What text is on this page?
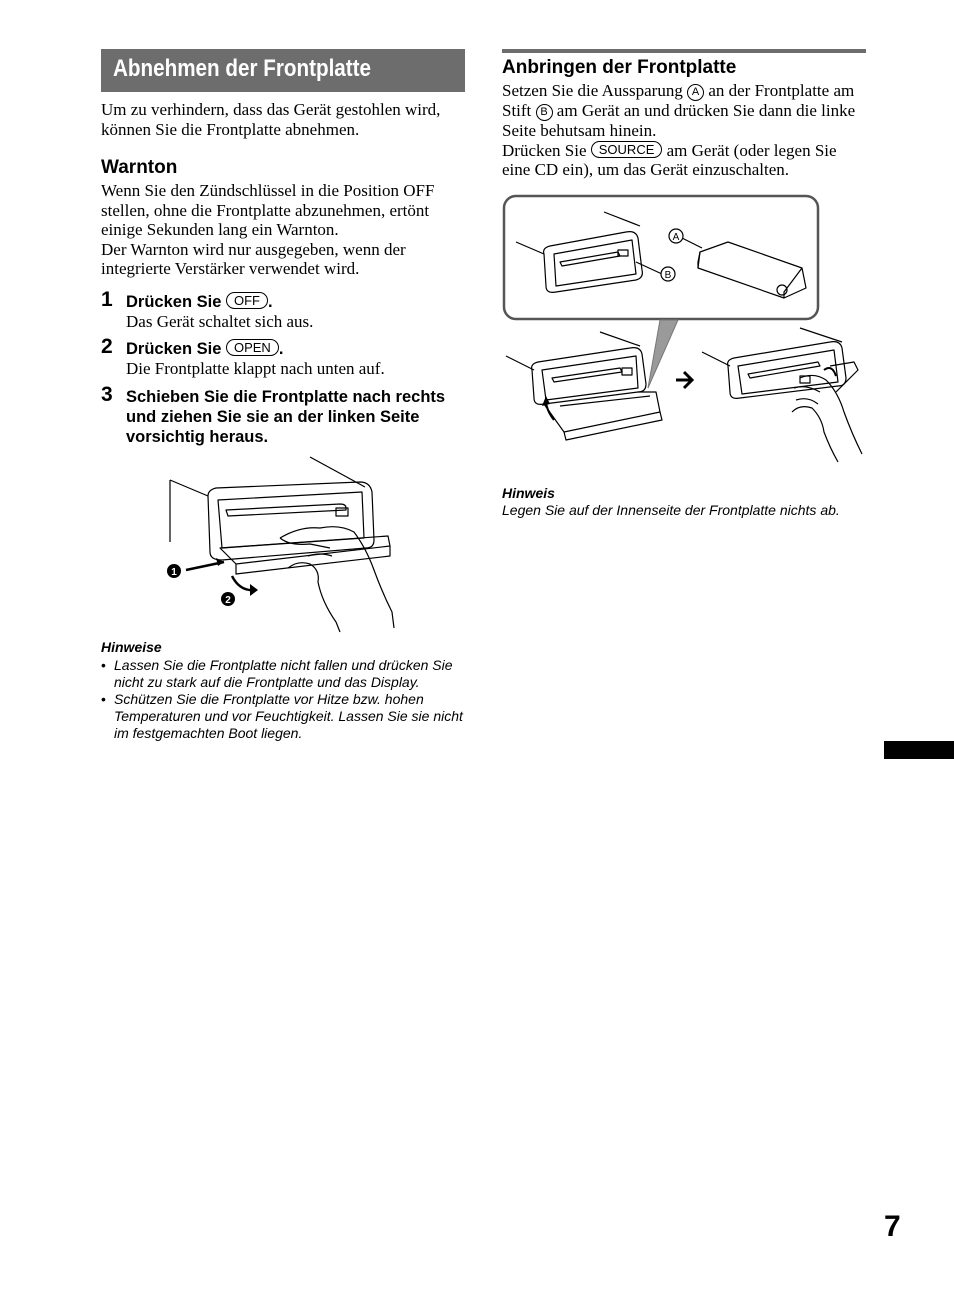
Abnehmen der Frontplatte
Um zu verhindern, dass das Gerät gestohlen wird, können Sie die Frontplatte abnehmen.
Warnton
Wenn Sie den Zündschlüssel in die Position OFF stellen, ohne die Frontplatte abzunehmen, ertönt einige Sekunden lang ein Warnton.
Der Warnton wird nur ausgegeben, wenn der integrierte Verstärker verwendet wird.
1 Drücken Sie OFF .
Das Gerät schaltet sich aus.
2 Drücken Sie OPEN .
Die Frontplatte klappt nach unten auf.
3 Schieben Sie die Frontplatte nach rechts und ziehen Sie sie an der linken Seite vorsichtig heraus.
1
2
Hinweise
• Lassen Sie die Frontplatte nicht fallen und drücken Sie nicht zu stark auf die Frontplatte und das Display.
• Schützen Sie die Frontplatte vor Hitze bzw. hohen Temperaturen und vor Feuchtigkeit. Lassen Sie sie nicht im festgemachten Boot liegen.
Anbringen der Frontplatte
Setzen Sie die Aussparung A an der Frontplatte am Stift B am Gerät an und drücken Sie dann die linke Seite behutsam hinein.
Drücken Sie SOURCE am Gerät (oder legen Sie eine CD ein), um das Gerät einzuschalten.
A
B
Hinweis
Legen Sie auf der Innenseite der Frontplatte nichts ab.
7
